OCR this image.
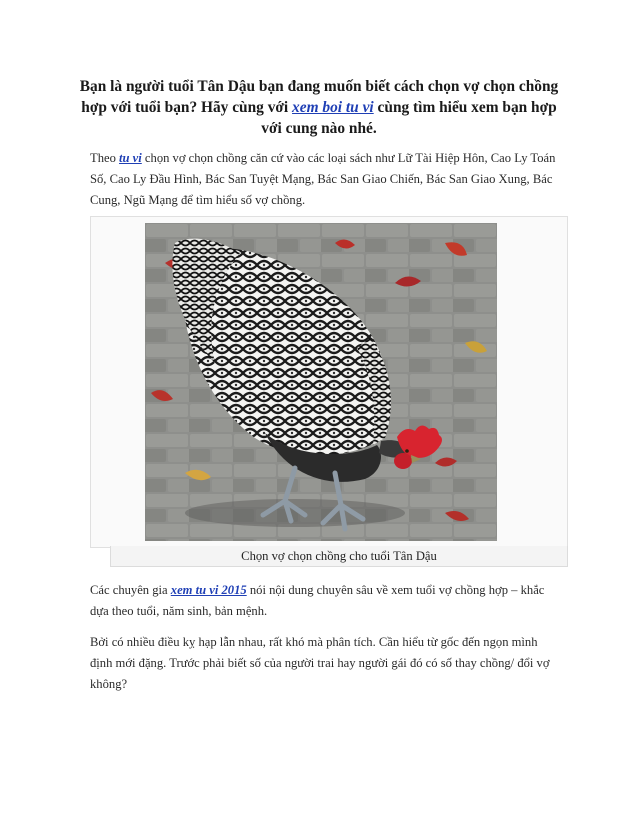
Bạn là người tuổi Tân Dậu bạn đang muốn biết cách chọn vợ chọn chồng hợp với tuổi bạn? Hãy cùng với xem boi tu vi cùng tìm hiểu xem bạn hợp với cung nào nhé.
Theo tu vi chọn vợ chọn chồng căn cứ vào các loại sách như Lữ Tài Hiệp Hôn, Cao Ly Toán Số, Cao Ly Đầu Hình, Bác San Tuyệt Mạng, Bác San Giao Chiến, Bác San Giao Xung, Bác Cung, Ngũ Mạng để tìm hiểu số vợ chồng.
Chọn vợ chọn chồng cho tuổi Tân Dậu
Các chuyên gia xem tu vi 2015 nói nội dung chuyên sâu về xem tuổi vợ chồng hợp – khắc dựa theo tuổi, năm sinh, bản mệnh.
Bởi có nhiều điều kỵ hạp lẫn nhau, rất khó mà phân tích. Cần hiểu từ gốc đến ngọn mình định mới đặng. Trước phải biết số của người trai hay người gái đó có số thay chồng/ đổi vợ không?
